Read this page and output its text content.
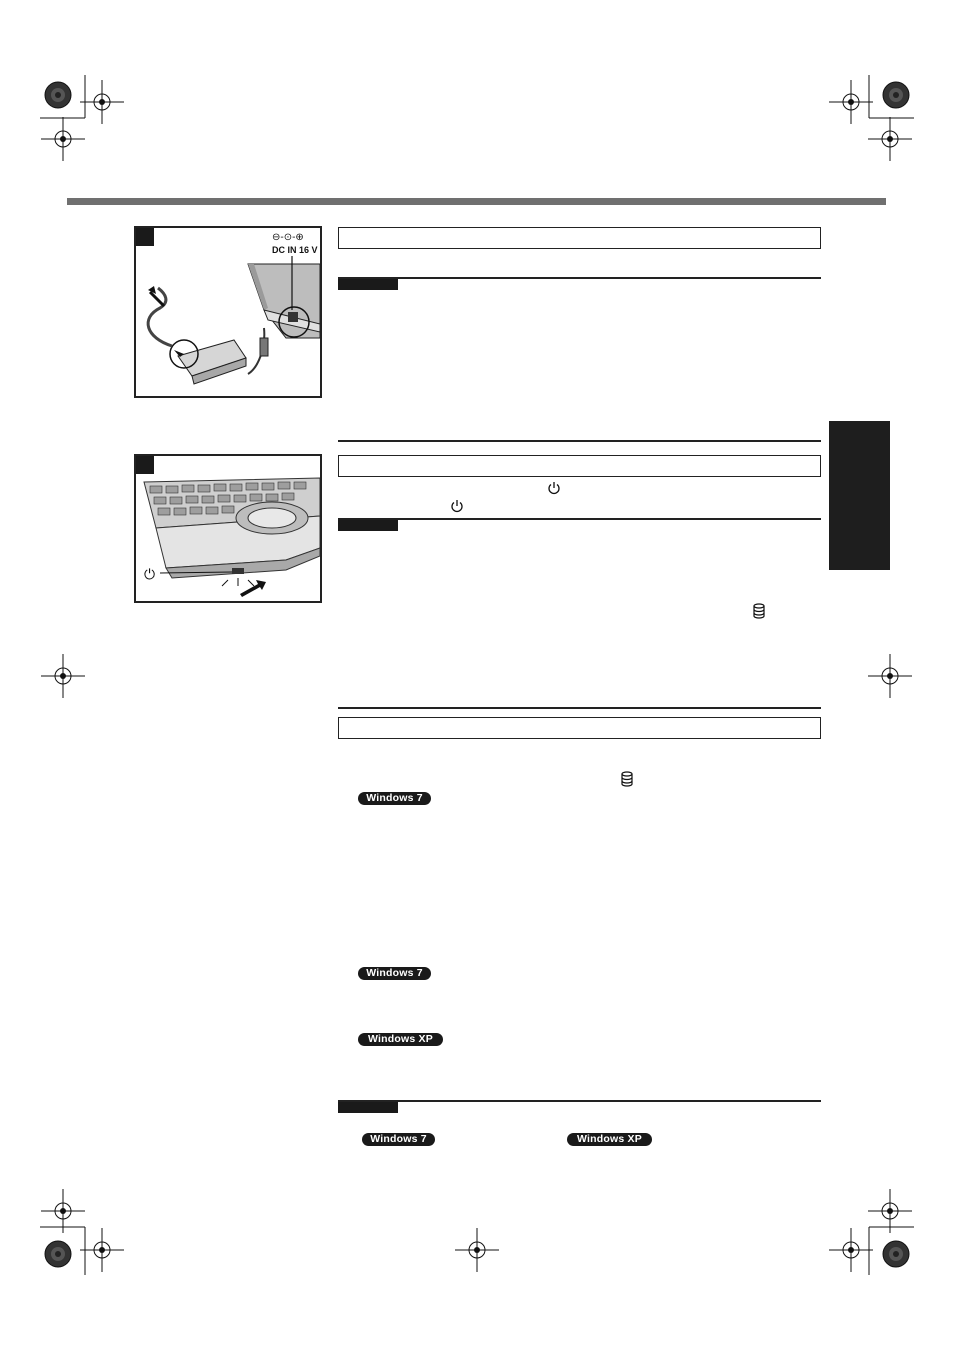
⊖-⊙-⊕
DC IN 16 V
⏻
Windows 7
Windows 7
Windows XP
Windows 7	Windows XP
